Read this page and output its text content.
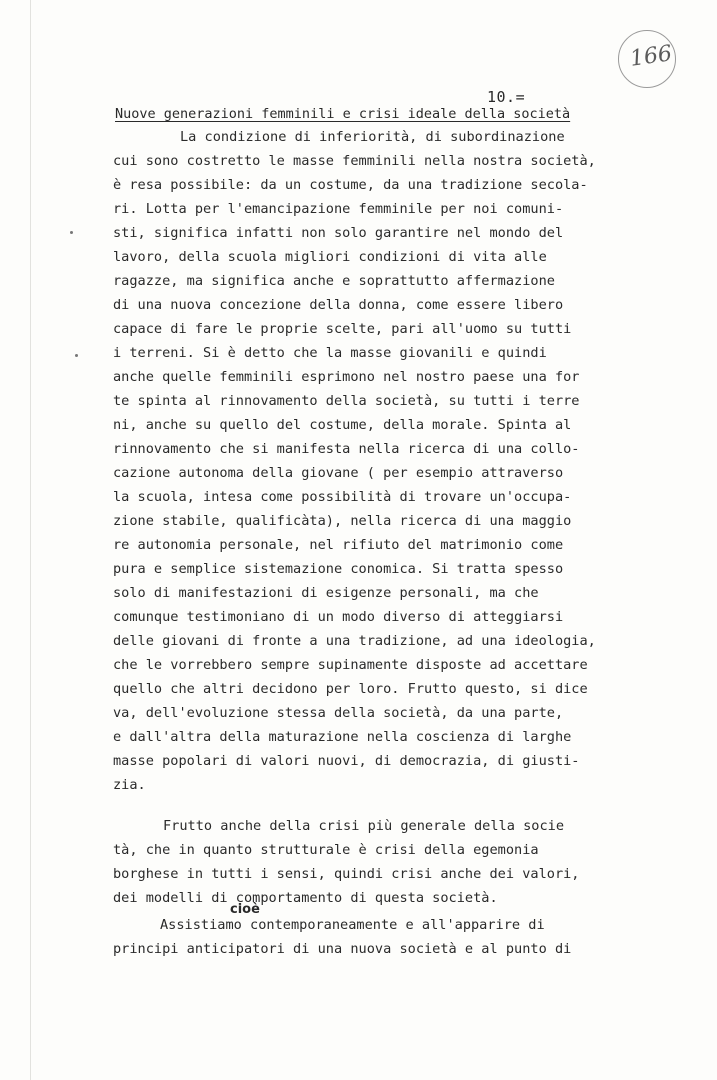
166
10.=
Nuove generazioni femminili e crisi ideale della società
La condizione di inferiorità, di subordinazione
cui sono costretto le masse femminili nella nostra società,
è resa possibile: da un costume, da una tradizione secola-
ri. Lotta per l'emancipazione femminile per noi comuni-
sti, significa infatti non solo garantire nel mondo del
lavoro, della scuola migliori condizioni di vita alle
ragazze, ma significa anche e soprattutto affermazione
di una nuova concezione della donna, come essere libero
capace di fare le proprie scelte, pari all'uomo su tutti
i terreni. Si è detto che la masse giovanili e quindi
anche quelle femminili esprimono nel nostro paese una for
te spinta al rinnovamento della società, su tutti i terre
ni, anche su quello del costume, della morale. Spinta al
rinnovamento che si manifesta nella ricerca di una collo-
cazione autonoma della giovane ( per esempio attraverso
la scuola, intesa come possibilità di trovare un'occupa-
zione stabile, qualificàta), nella ricerca di una maggio
re autonomia personale, nel rifiuto del matrimonio come
pura e semplice sistemazione conomica. Si tratta spesso
solo di manifestazioni di esigenze personali, ma che
comunque testimoniano di un modo diverso di atteggiarsi
delle giovani di fronte a una tradizione, ad una ideologia,
che le vorrebbero sempre supinamente disposte ad accettare
quello che altri decidono per loro. Frutto questo, si dice
va, dell'evoluzione stessa della società, da una parte,
e dall'altra della maturazione nella coscienza di larghe
masse popolari di valori nuovi, di democrazia, di giusti-
zia.
Frutto anche della crisi più generale della socie
tà, che in quanto strutturale è crisi della egemonia
borghese in tutti i sensi, quindi crisi anche dei valori,
dei modelli di comportamento di questa società.
cioè
Assistiamo contemporaneamente e all'apparire di
principi anticipatori di una nuova società e al punto di
